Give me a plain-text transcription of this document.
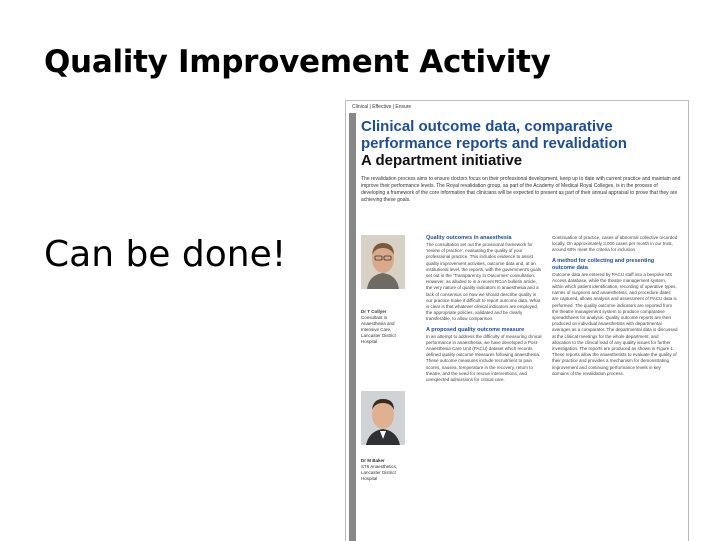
Quality Improvement Activity
Can be done!
Clinical | Effective | Ensure
Clinical outcome data, comparative
performance reports and revalidation
A department initiative
The revalidation process aims to ensure doctors focus on their professional development, keep up to date with current practice and maintain and improve their performance levels. The Royal revalidation group, as part of the Academy of Medical Royal Colleges, is in the process of developing a framework of the core information that clinicians will be expected to present as part of their annual appraisal to prove that they are achieving these goals.
Dr T Collyer
Consultant in Anaesthesia and Intensive Care, Lancaster District Hospital
Dr M Baker
ST6 Anaesthetics, Lancaster District Hospital
Quality outcomes in anaesthesia
The consultation set out the provisional framework for 'review of practice', evaluating the quality of your professional practice. This includes evidence to assist quality improvement activities, outcome data and, at an institutional level, the reports, with the government's goals set out in the 'Transparency in Outcomes' consultation. However, as alluded to in a recent RCoA bulletin article, the very nature of quality indicators in anaesthesia and a lack of consensus on how we should describe quality in our practice make it difficult to report outcome data. What is clear is that whatever clinical indicators are employed, the appropriate policies, validated and be clearly transferable, to allow comparison.
A proposed quality outcome measure
In an attempt to address the difficulty of measuring clinical performance in anaesthesia, we have developed a Post-Anaesthesia Care Unit (PACU) dataset which records defined quality outcome measures following anaesthesia. These outcome measures include recruitment to pain scores, nausea, temperature in the recovery, return to theatre, and the need for rescue interventions, and unexpected admissions for critical care.
Continuation of practice, cases of abnormal collective recorded locally. On approximately 3,000 cases per month in our trust, around 60% meet the criteria for inclusion.
A method for collecting and presenting outcome data
Outcome data are entered by PACU staff into a bespoke MS Access database, while the theatre management system, within which patient identification, recording of operative types, names of surgeons and anaesthetists, and procedure dates are captured, allows analysis and assessment of PACU data is performed. The quality outcome indicators are reported from the theatre management system to produce comparative spreadsheets for analysis. Quality outcome reports are then produced on individual anaesthetists with departmental averages as a comparator. The departmental data is discussed at the clinical meetings for the whole department, and allocation to the clinical lead of any quality issues for further investigation. The reports are produced as shown in Figure 1. These reports allow the anaesthetists to evaluate the quality of their practice and provides a mechanism for demonstrating improvement and continuing performance levels in key domains of the revalidation process.
